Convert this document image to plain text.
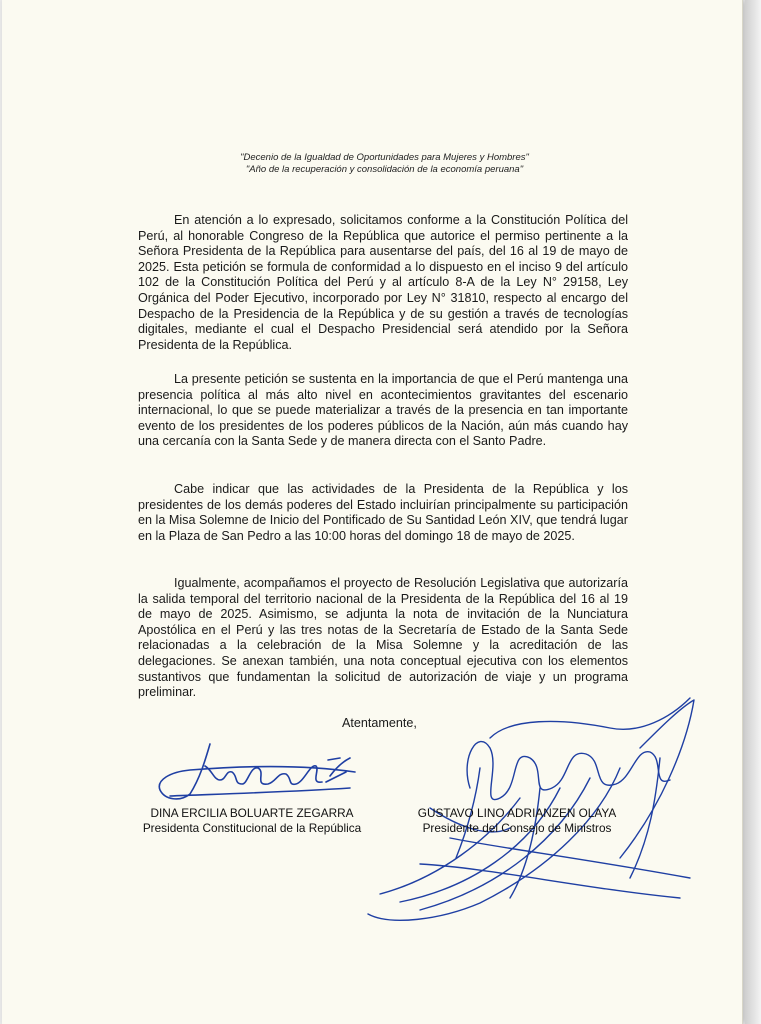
"Decenio de la Igualdad de Oportunidades para Mujeres y Hombres"
"Año de la recuperación y consolidación de la economía peruana"

En atención a lo expresado, solicitamos conforme a la Constitución Política del Perú, al honorable Congreso de la República que autorice el permiso pertinente a la Señora Presidenta de la República para ausentarse del país, del 16 al 19 de mayo de 2025. Esta petición se formula de conformidad a lo dispuesto en el inciso 9 del artículo 102 de la Constitución Política del Perú y al artículo 8-A de la Ley N° 29158, Ley Orgánica del Poder Ejecutivo, incorporado por Ley N° 31810, respecto al encargo del Despacho de la Presidencia de la República y de su gestión a través de tecnologías digitales, mediante el cual el Despacho Presidencial será atendido por la Señora Presidenta de la República.

La presente petición se sustenta en la importancia de que el Perú mantenga una presencia política al más alto nivel en acontecimientos gravitantes del escenario internacional, lo que se puede materializar a través de la presencia en tan importante evento de los presidentes de los poderes públicos de la Nación, aún más cuando hay una cercanía con la Santa Sede y de manera directa con el Santo Padre.

Cabe indicar que las actividades de la Presidenta de la República y los presidentes de los demás poderes del Estado incluirían principalmente su participación en la Misa Solemne de Inicio del Pontificado de Su Santidad León XIV, que tendrá lugar en la Plaza de San Pedro a las 10:00 horas del domingo 18 de mayo de 2025.

Igualmente, acompañamos el proyecto de Resolución Legislativa que autorizaría la salida temporal del territorio nacional de la Presidenta de la República del 16 al 19 de mayo de 2025. Asimismo, se adjunta la nota de invitación de la Nunciatura Apostólica en el Perú y las tres notas de la Secretaría de Estado de la Santa Sede relacionadas a la celebración de la Misa Solemne y la acreditación de las delegaciones. Se anexan también, una nota conceptual ejecutiva con los elementos sustantivos que fundamentan la solicitud de autorización de viaje y un programa preliminar.

Atentamente,
DINA ERCILIA BOLUARTE ZEGARRA
Presidenta Constitucional de la República
GUSTAVO LINO ADRIANZEN OLAYA
Presidente del Consejo de Ministros
